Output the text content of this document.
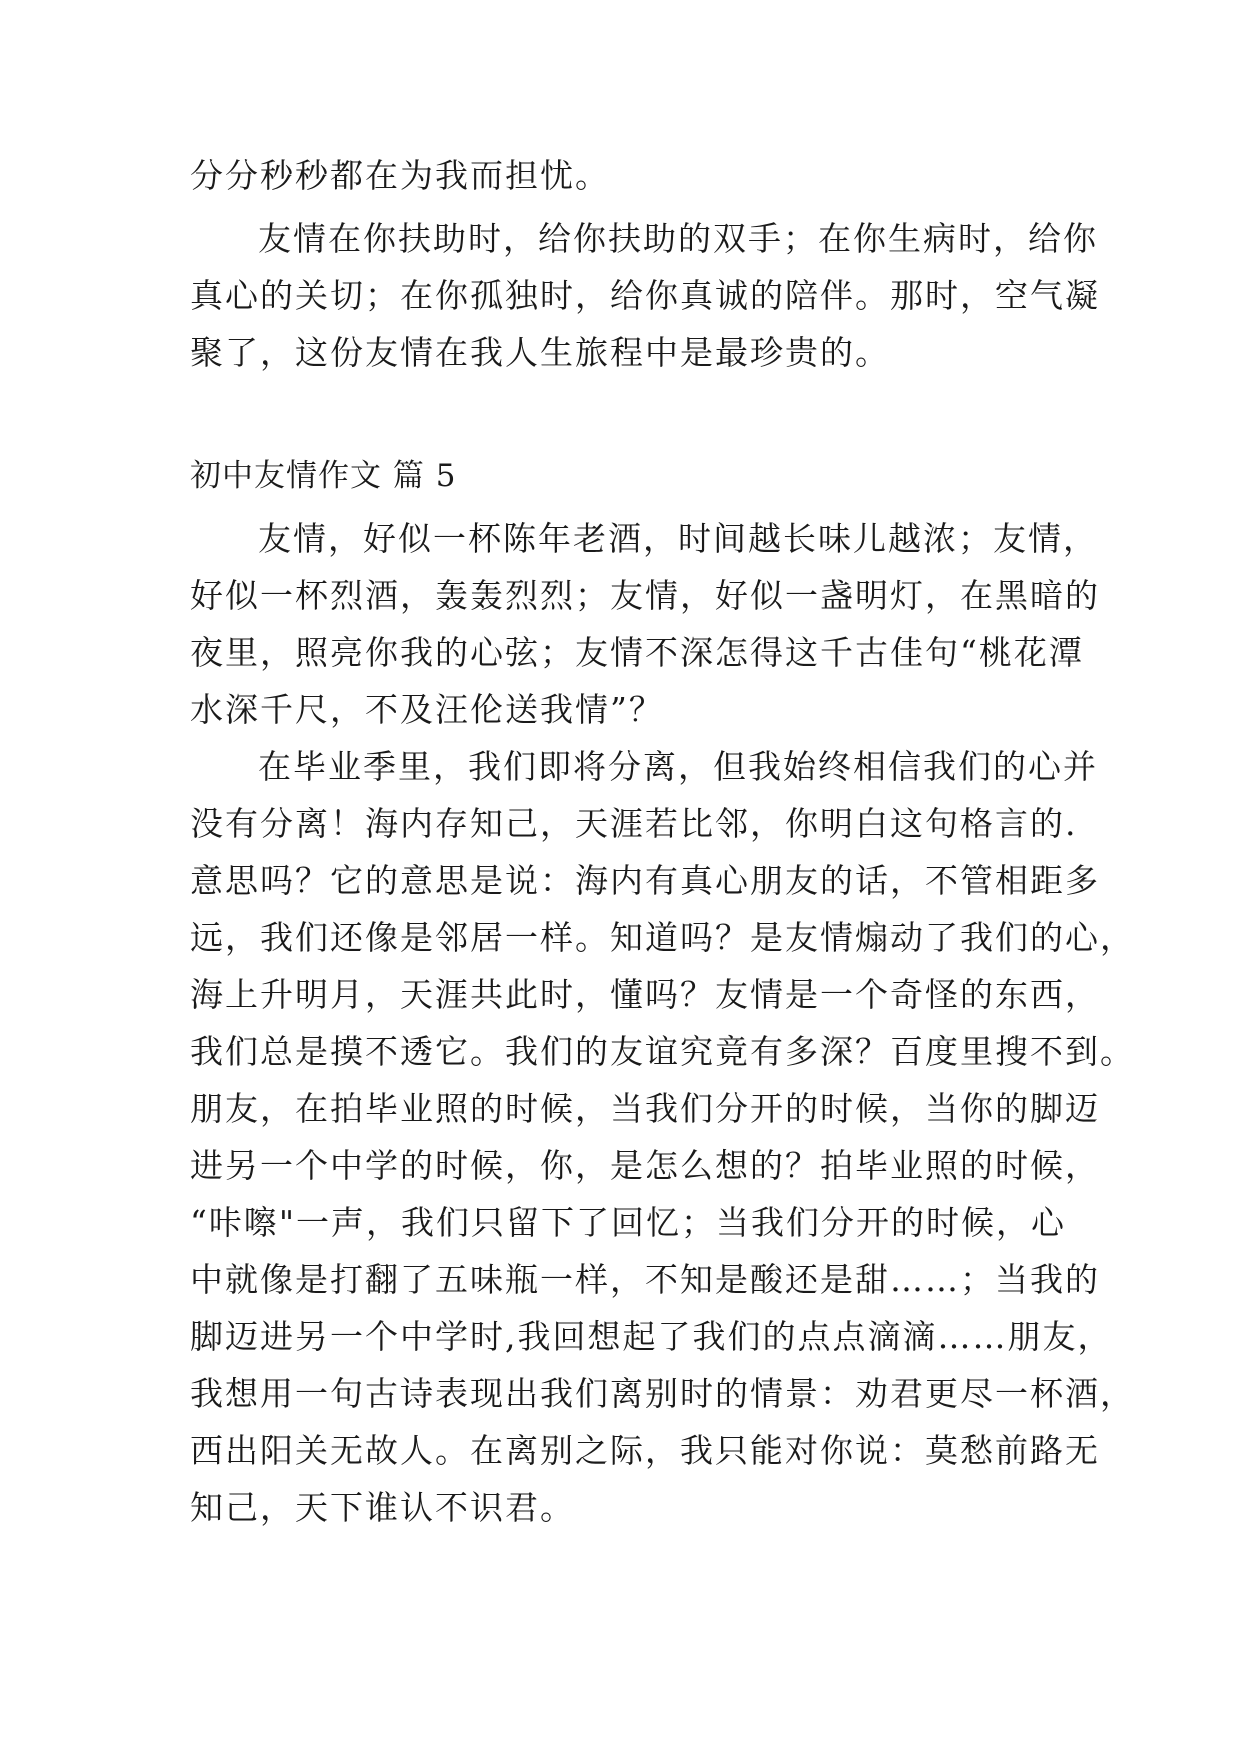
分分秒秒都在为我而担忧。

友情在你扶助时，给你扶助的双手；在你生病时，给你
真心的关切；在你孤独时，给你真诚的陪伴。那时，空气凝
聚了，这份友情在我人生旅程中是最珍贵的。

初中友情作文 篇 5

友情，好似一杯陈年老酒，时间越长味儿越浓；友情，
好似一杯烈酒，轰轰烈烈；友情，好似一盏明灯，在黑暗的
夜里，照亮你我的心弦；友情不深怎得这千古佳句“桃花潭
水深千尺，不及汪伦送我情”？

在毕业季里，我们即将分离，但我始终相信我们的心并
没有分离！海内存知己，天涯若比邻，你明白这句格言的.
意思吗？它的意思是说：海内有真心朋友的话，不管相距多
远，我们还像是邻居一样。知道吗？是友情煽动了我们的心，
海上升明月，天涯共此时，懂吗？友情是一个奇怪的东西，
我们总是摸不透它。我们的友谊究竟有多深？百度里搜不到。
朋友，在拍毕业照的时候，当我们分开的时候，当你的脚迈
进另一个中学的时候，你，是怎么想的？拍毕业照的时候，
“咔嚓"一声，我们只留下了回忆；当我们分开的时候，心
中就像是打翻了五味瓶一样，不知是酸还是甜……；当我的
脚迈进另一个中学时,我回想起了我们的点点滴滴……朋友，
我想用一句古诗表现出我们离别时的情景：劝君更尽一杯酒，
西出阳关无故人。在离别之际，我只能对你说：莫愁前路无
知己，天下谁认不识君。
